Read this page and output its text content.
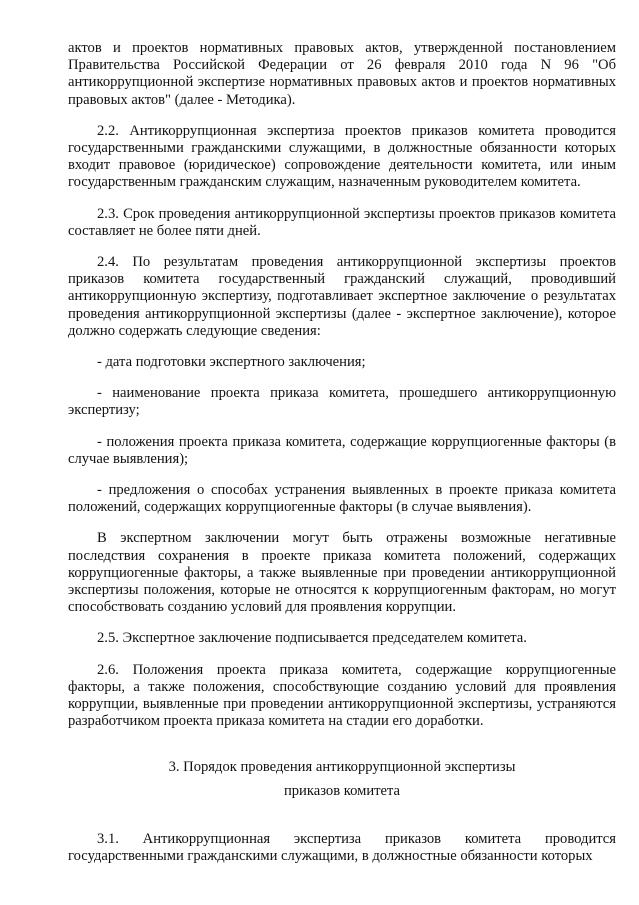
актов и проектов нормативных правовых актов, утвержденной постановлением Правительства Российской Федерации от 26 февраля 2010 года N 96 "Об антикоррупционной экспертизе нормативных правовых актов и проектов нормативных правовых актов" (далее - Методика).

2.2. Антикоррупционная экспертиза проектов приказов комитета проводится государственными гражданскими служащими, в должностные обязанности которых входит правовое (юридическое) сопровождение деятельности комитета, или иным государственным гражданским служащим, назначенным руководителем комитета.

2.3. Срок проведения антикоррупционной экспертизы проектов приказов комитета составляет не более пяти дней.

2.4. По результатам проведения антикоррупционной экспертизы проектов приказов комитета государственный гражданский служащий, проводивший антикоррупционную экспертизу, подготавливает экспертное заключение о результатах проведения антикоррупционной экспертизы (далее - экспертное заключение), которое должно содержать следующие сведения:

- дата подготовки экспертного заключения;

- наименование проекта приказа комитета, прошедшего антикоррупционную экспертизу;

- положения проекта приказа комитета, содержащие коррупциогенные факторы (в случае выявления);

- предложения о способах устранения выявленных в проекте приказа комитета положений, содержащих коррупциогенные факторы (в случае выявления).

В экспертном заключении могут быть отражены возможные негативные последствия сохранения в проекте приказа комитета положений, содержащих коррупциогенные факторы, а также выявленные при проведении антикоррупционной экспертизы положения, которые не относятся к коррупциогенным факторам, но могут способствовать созданию условий для проявления коррупции.

2.5. Экспертное заключение подписывается председателем комитета.

2.6. Положения проекта приказа комитета, содержащие коррупциогенные факторы, а также положения, способствующие созданию условий для проявления коррупции, выявленные при проведении антикоррупционной экспертизы, устраняются разработчиком проекта приказа комитета на стадии его доработки.

3. Порядок проведения антикоррупционной экспертизы
приказов комитета

3.1. Антикоррупционная экспертиза приказов комитета проводится государственными гражданскими служащими, в должностные обязанности которых
